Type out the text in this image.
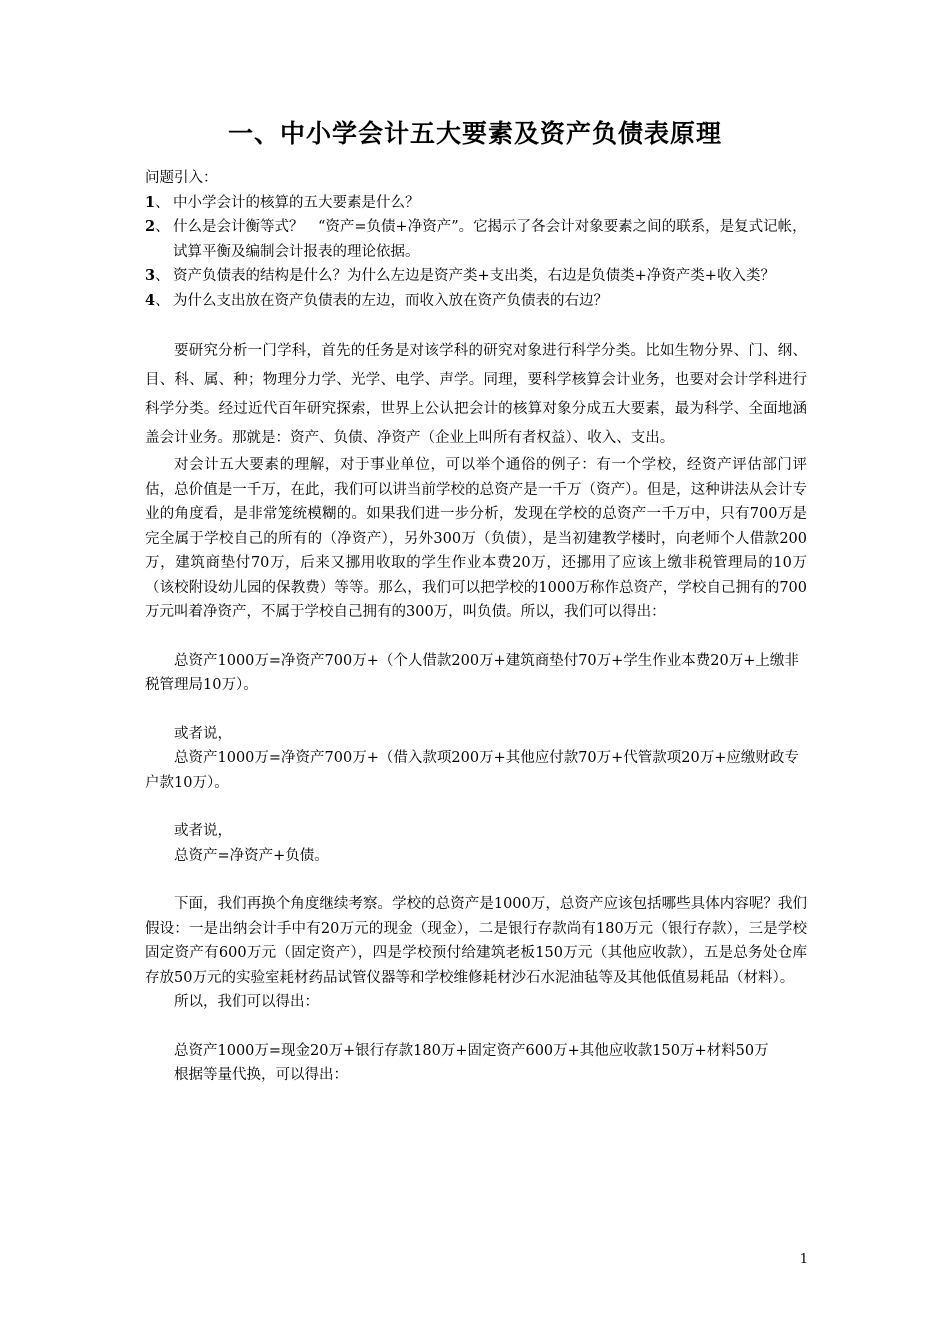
一、中小学会计五大要素及资产负债表原理

问题引入：

1、 中小学会计的核算的五大要素是什么？
2、 什么是会计衡等式？　“资产=负债+净资产”。它揭示了各会计对象要素之间的联系，是复式记帐，试算平衡及编制会计报表的理论依据。
3、 资产负债表的结构是什么？为什么左边是资产类+支出类，右边是负债类+净资产类+收入类？
4、 为什么支出放在资产负债表的左边，而收入放在资产负债表的右边？

要研究分析一门学科，首先的任务是对该学科的研究对象进行科学分类。比如生物分界、门、纲、目、科、属、种；物理分力学、光学、电学、声学。同理，要科学核算会计业务，也要对会计学科进行科学分类。经过近代百年研究探索，世界上公认把会计的核算对象分成五大要素，最为科学、全面地涵盖会计业务。那就是：资产、负债、净资产（企业上叫所有者权益）、收入、支出。

对会计五大要素的理解，对于事业单位，可以举个通俗的例子：有一个学校，经资产评估部门评估，总价值是一千万，在此，我们可以讲当前学校的总资产是一千万（资产）。但是，这种讲法从会计专业的角度看，是非常笼统模糊的。如果我们进一步分析，发现在学校的总资产一千万中，只有700万是完全属于学校自己的所有的（净资产），另外300万（负债），是当初建教学楼时，向老师个人借款200万，建筑商垫付70万，后来又挪用收取的学生作业本费20万，还挪用了应该上缴非税管理局的10万（该校附设幼儿园的保教费）等等。那么，我们可以把学校的1000万称作总资产，学校自己拥有的700万元叫着净资产，不属于学校自己拥有的300万，叫负债。所以，我们可以得出：

总资产1000万=净资产700万+（个人借款200万+建筑商垫付70万+学生作业本费20万+上缴非税管理局10万）。

或者说，

总资产1000万=净资产700万+（借入款项200万+其他应付款70万+代管款项20万+应缴财政专户款10万）。

或者说，

总资产=净资产+负债。

下面，我们再换个角度继续考察。学校的总资产是1000万，总资产应该包括哪些具体内容呢？我们假设：一是出纳会计手中有20万元的现金（现金），二是银行存款尚有180万元（银行存款），三是学校固定资产有600万元（固定资产），四是学校预付给建筑老板150万元（其他应收款），五是总务处仓库存放50万元的实验室耗材药品试管仪器等和学校维修耗材沙石水泥油毡等及其他低值易耗品（材料）。

所以，我们可以得出：

总资产1000万=现金20万+银行存款180万+固定资产600万+其他应收款150万+材料50万

根据等量代换，可以得出：

1
